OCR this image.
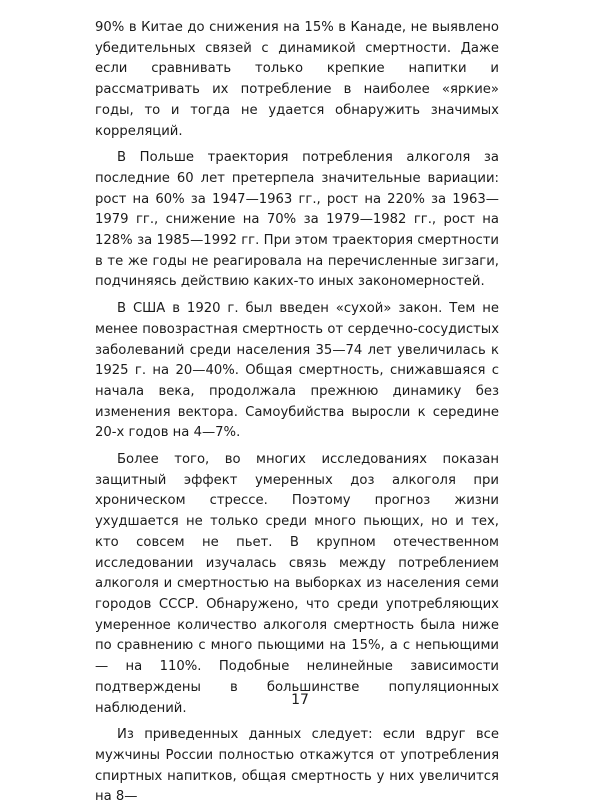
90% в Китае до снижения на 15% в Канаде, не выявлено убедительных связей с динамикой смертности. Даже если сравнивать только крепкие напитки и рассматривать их потребление в наиболее «яркие» годы, то и тогда не удается обнаружить значимых корреляций.

В Польше траектория потребления алкоголя за последние 60 лет претерпела значительные вариации: рост на 60% за 1947—1963 гг., рост на 220% за 1963—1979 гг., снижение на 70% за 1979—1982 гг., рост на 128% за 1985—1992 гг. При этом траектория смертности в те же годы не реагировала на перечисленные зигзаги, подчиняясь действию каких-то иных закономерностей.

В США в 1920 г. был введен «сухой» закон. Тем не менее повозрастная смертность от сердечно-сосудистых заболеваний среди населения 35—74 лет увеличилась к 1925 г. на 20—40%. Общая смертность, снижавшаяся с начала века, продолжала прежнюю динамику без изменения вектора. Самоубийства выросли к середине 20-х годов на 4—7%.

Более того, во многих исследованиях показан защитный эффект умеренных доз алкоголя при хроническом стрессе. Поэтому прогноз жизни ухудшается не только среди много пьющих, но и тех, кто совсем не пьет. В крупном отечественном исследовании изучалась связь между потреблением алкоголя и смертностью на выборках из населения семи городов СССР. Обнаружено, что среди употребляющих умеренное количество алкоголя смертность была ниже по сравнению с много пьющими на 15%, а с непьющими — на 110%. Подобные нелинейные зависимости подтверждены в большинстве популяционных наблюдений.

Из приведенных данных следует: если вдруг все мужчины России полностью откажутся от употребления спиртных напитков, общая смертность у них увеличится на 8—

17
